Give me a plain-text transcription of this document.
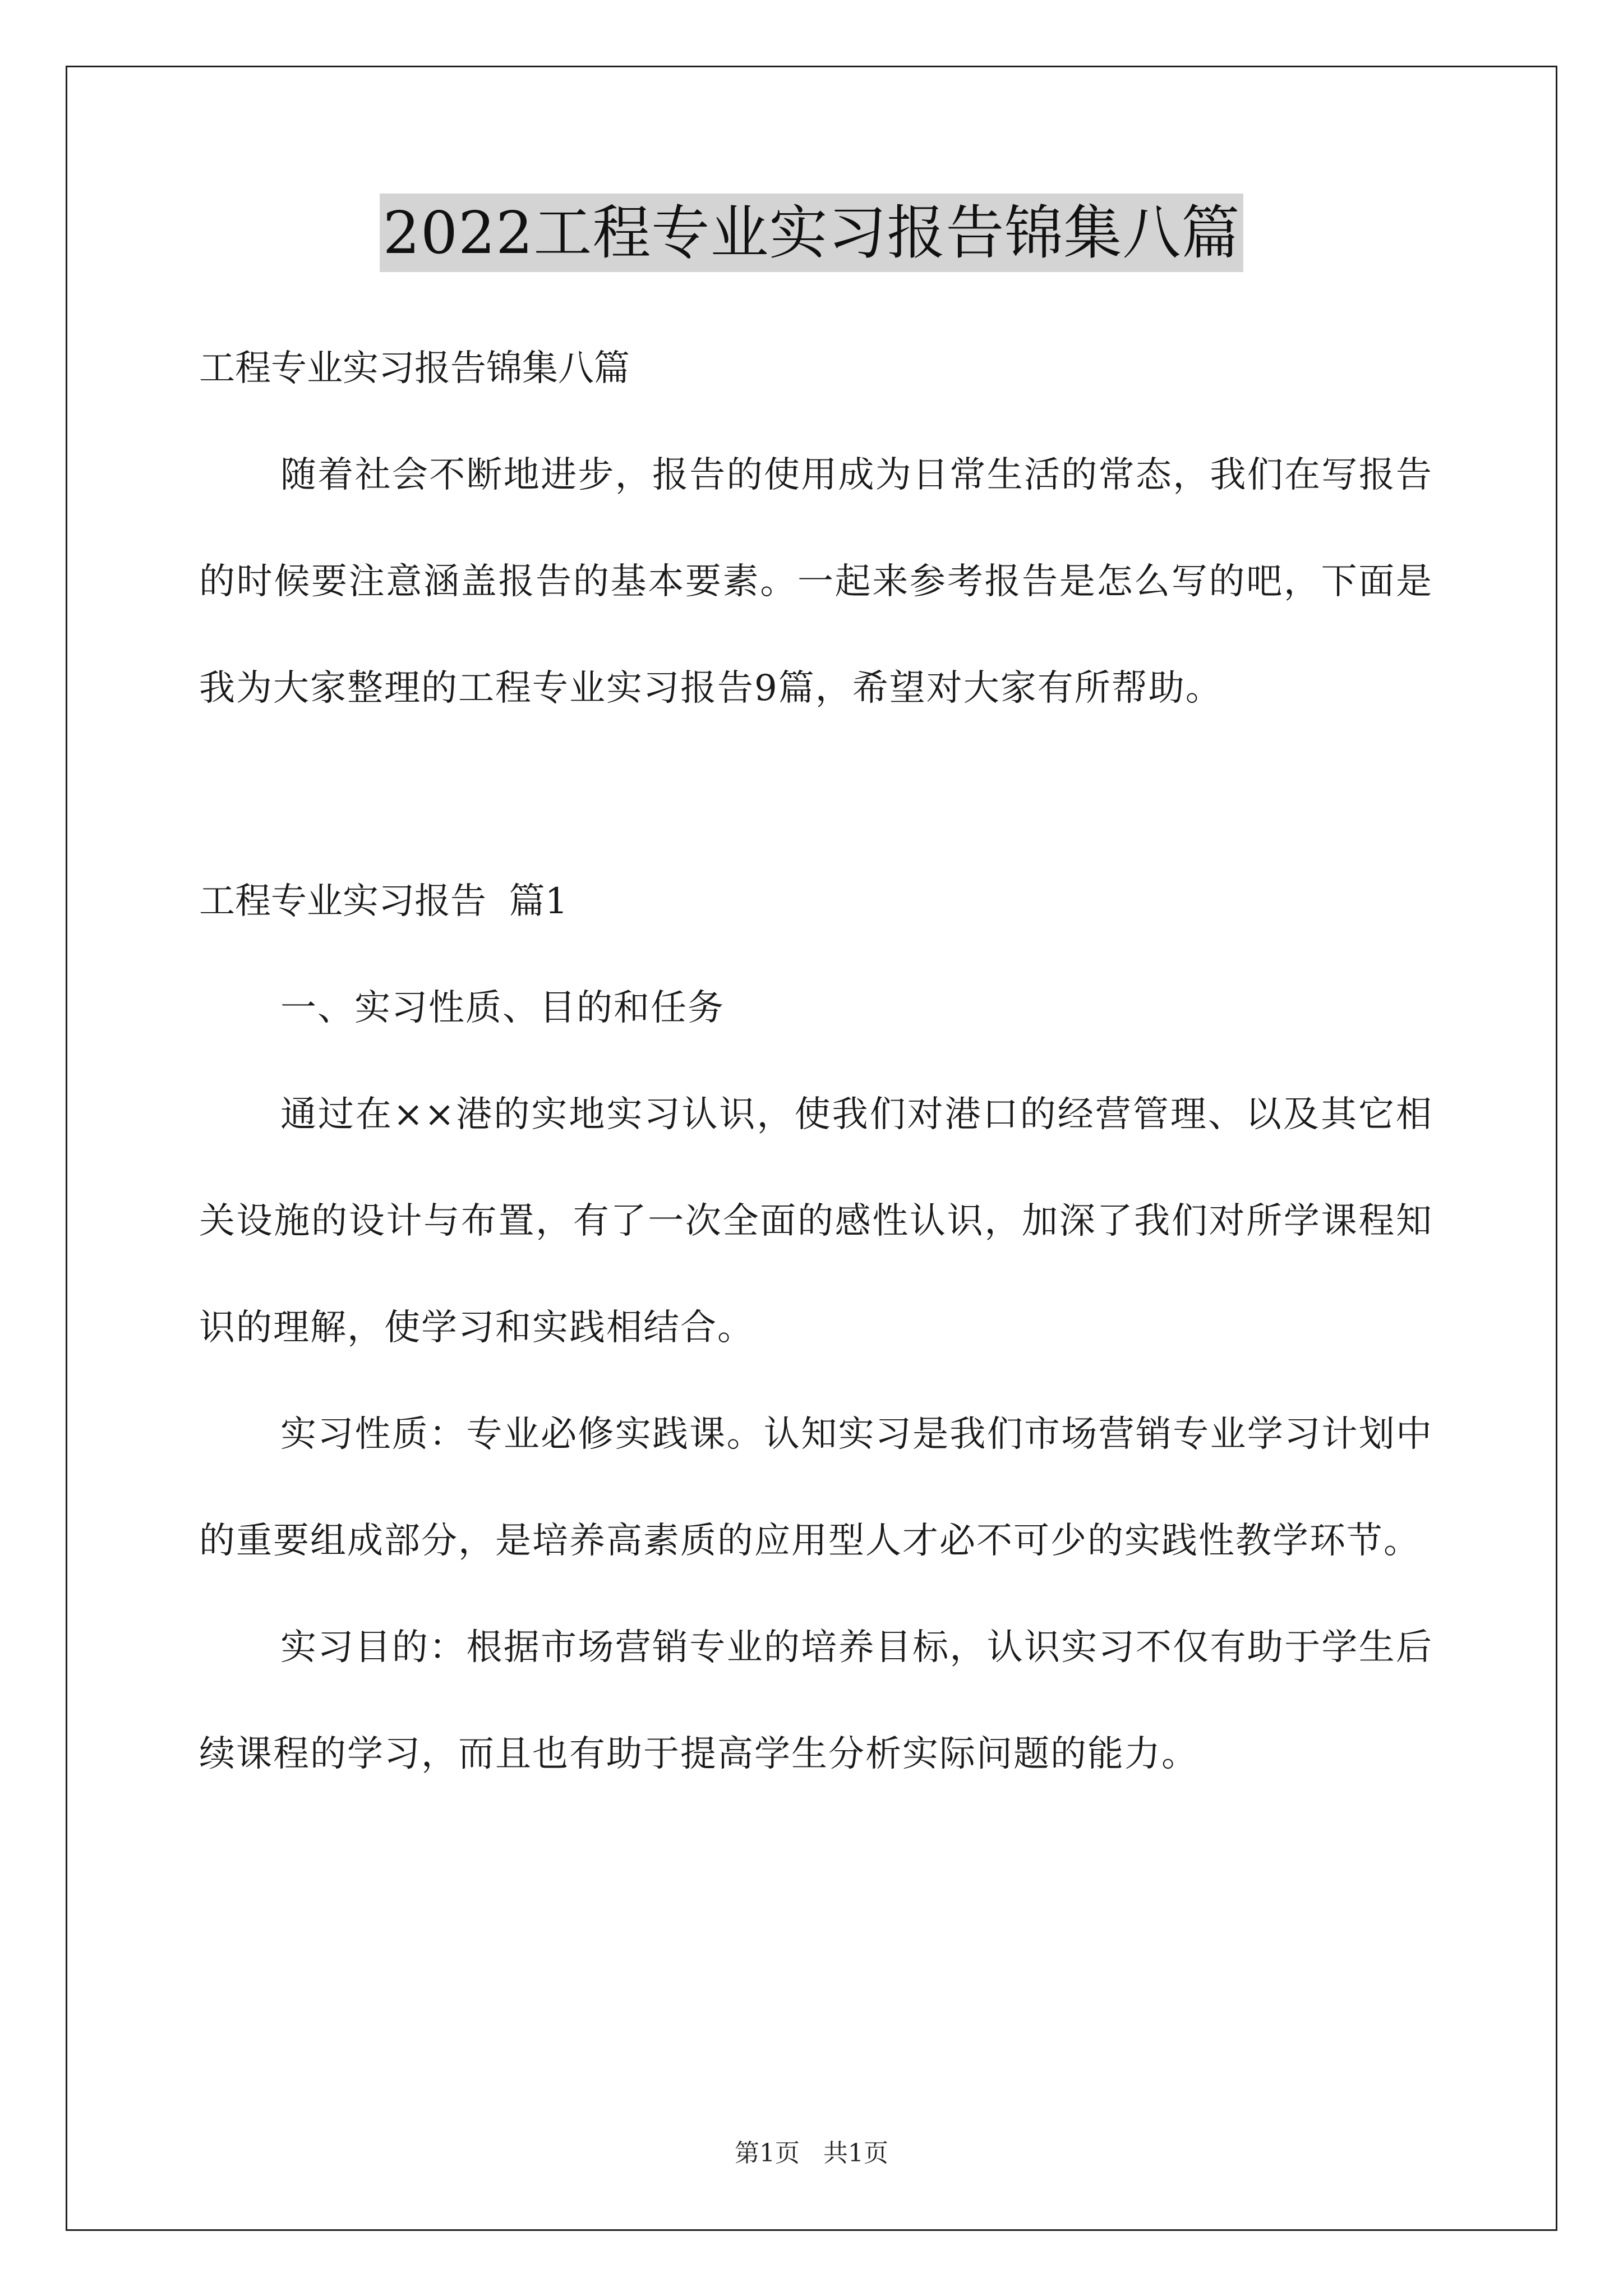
2022工程专业实习报告锦集八篇

工程专业实习报告锦集八篇

随着社会不断地进步，报告的使用成为日常生活的常态，我们在写报告的时候要注意涵盖报告的基本要素。一起来参考报告是怎么写的吧，下面是我为大家整理的工程专业实习报告9篇，希望对大家有所帮助。

工程专业实习报告  篇1

一、实习性质、目的和任务

通过在××港的实地实习认识，使我们对港口的经营管理、以及其它相关设施的设计与布置，有了一次全面的感性认识，加深了我们对所学课程知识的理解，使学习和实践相结合。

实习性质：专业必修实践课。认知实习是我们市场营销专业学习计划中的重要组成部分，是培养高素质的应用型人才必不可少的实践性教学环节。

实习目的：根据市场营销专业的培养目标，认识实习不仅有助于学生后续课程的学习，而且也有助于提高学生分析实际问题的能力。

第1页   共1页
